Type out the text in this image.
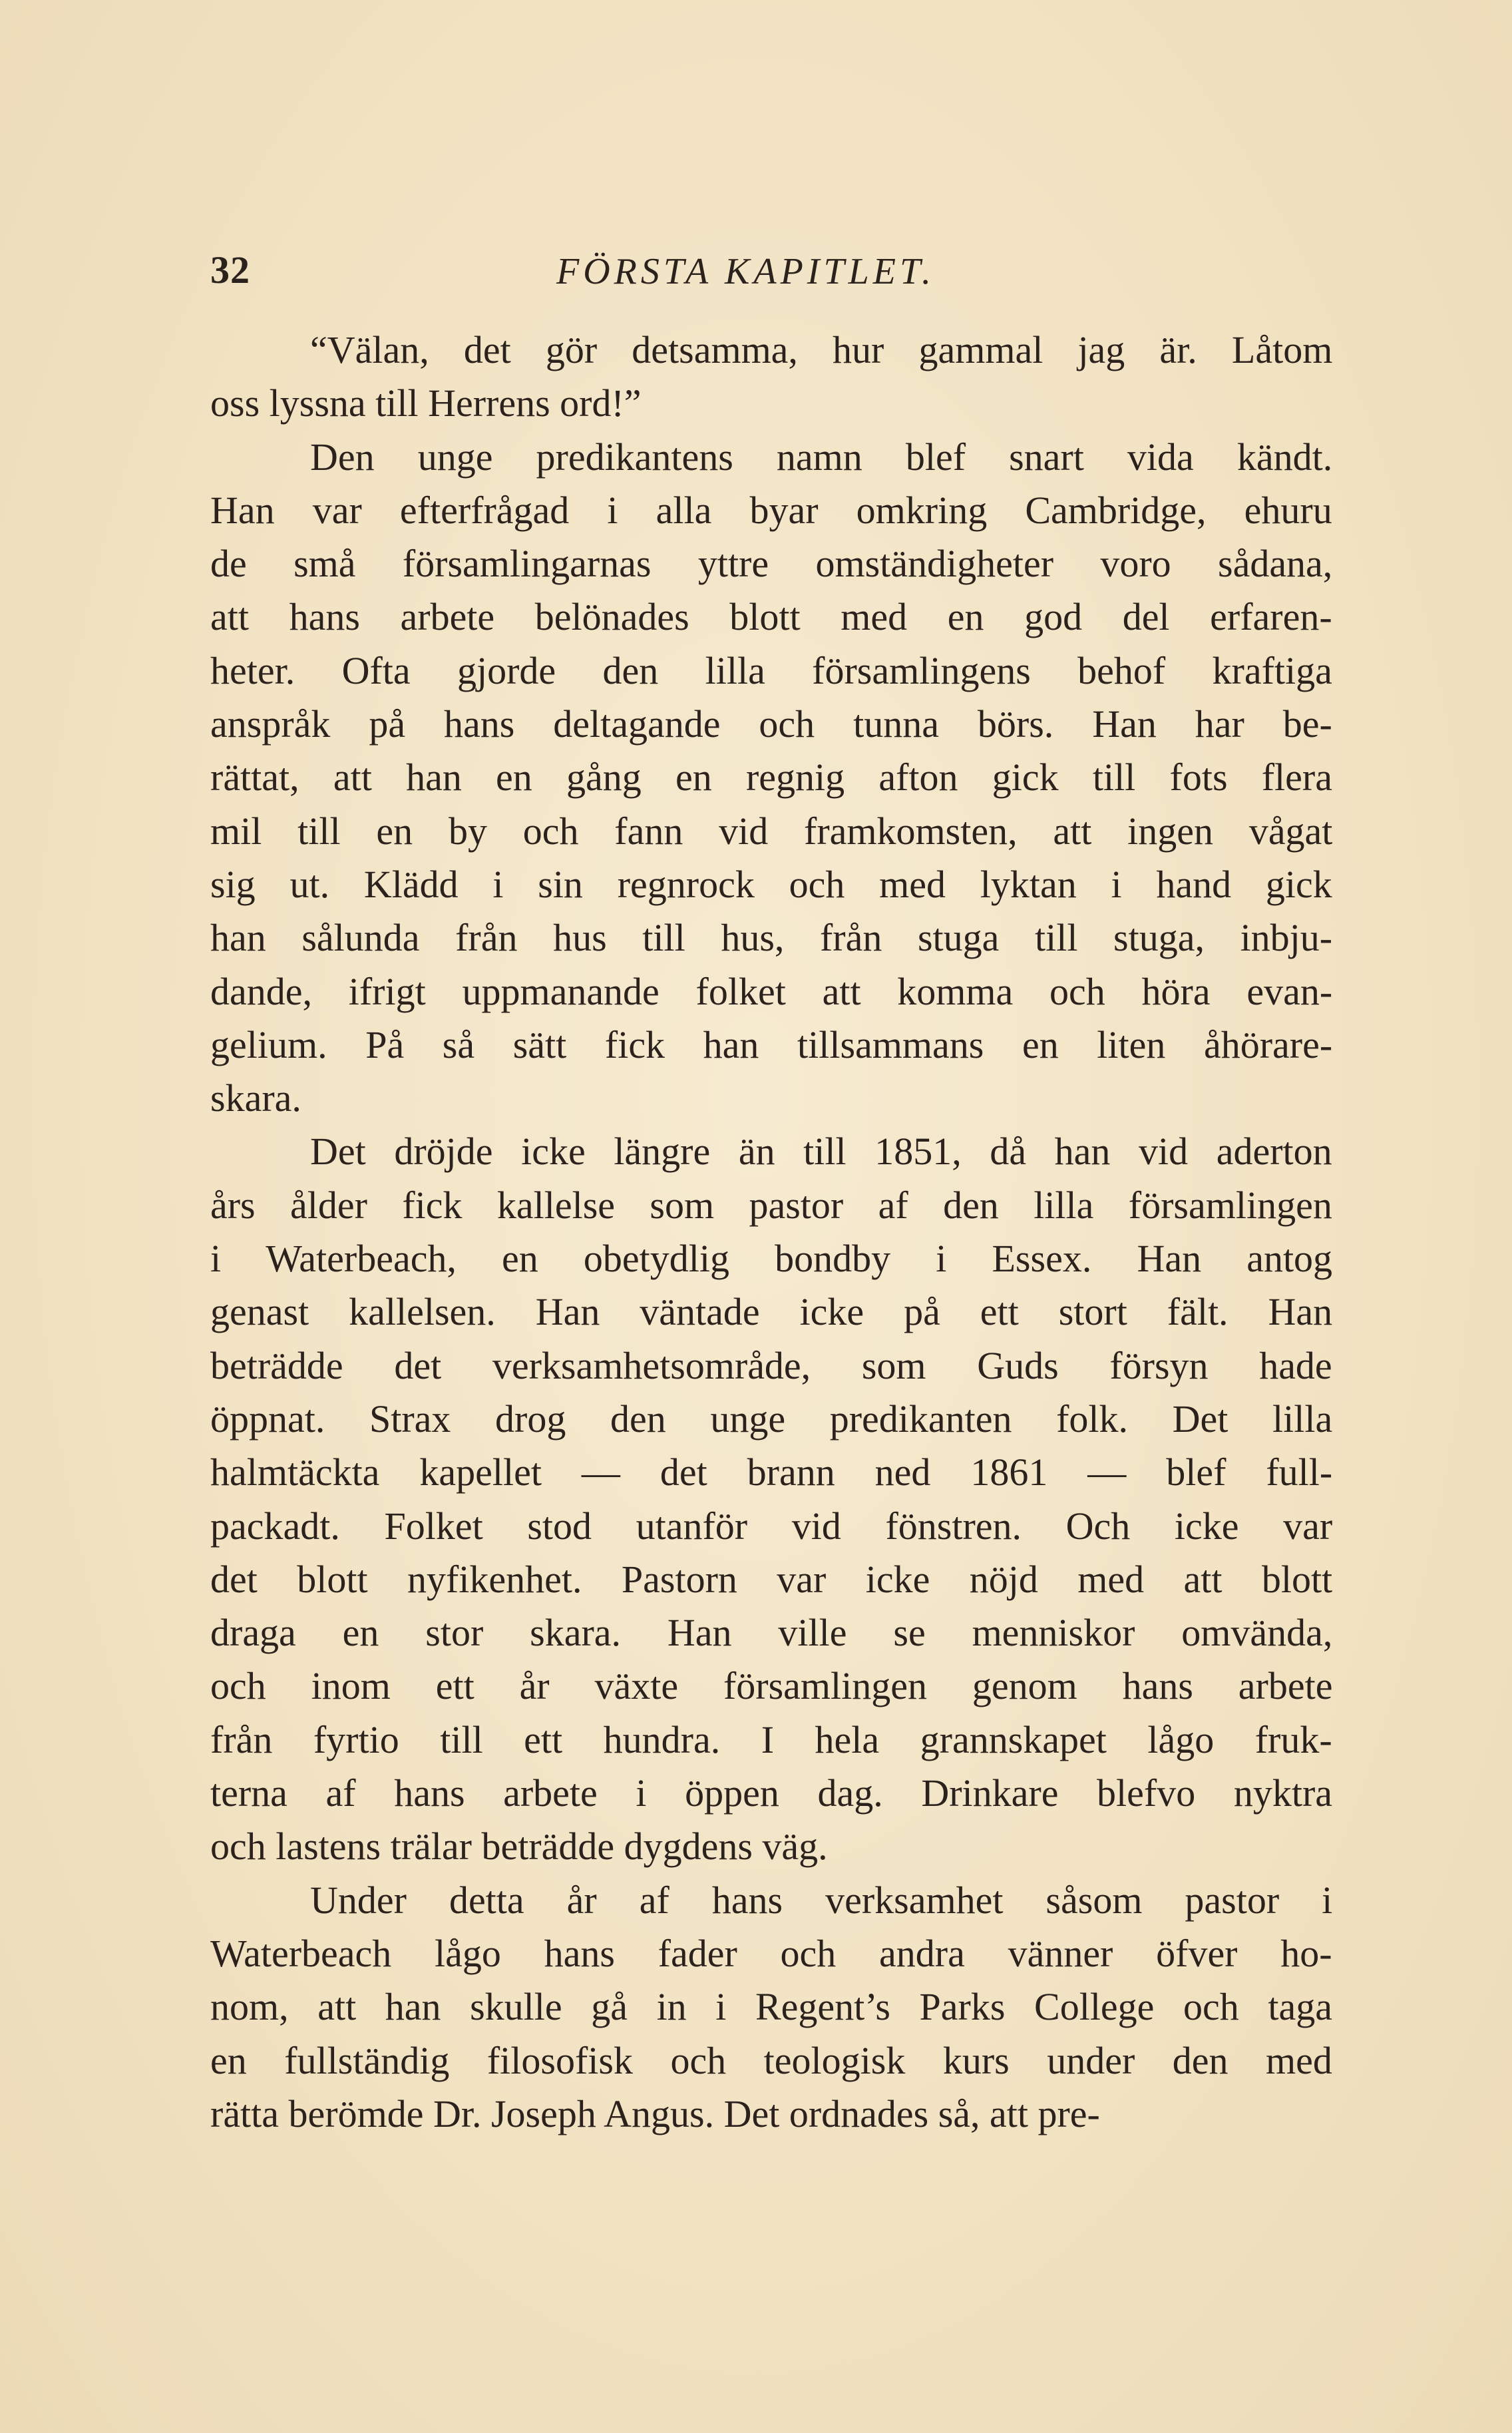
32	FÖRSTA KAPITLET.
“Välan, det gör detsamma, hur gammal jag är. Låtom
oss lyssna till Herrens ord!”
Den unge predikantens namn blef snart vida kändt.
Han var efterfrågad i alla byar omkring Cambridge, ehuru
de små församlingarnas yttre omständigheter voro sådana,
att hans arbete belönades blott med en god del erfaren-
heter. Ofta gjorde den lilla församlingens behof kraftiga
anspråk på hans deltagande och tunna börs. Han har be-
rättat, att han en gång en regnig afton gick till fots flera
mil till en by och fann vid framkomsten, att ingen vågat
sig ut. Klädd i sin regnrock och med lyktan i hand gick
han sålunda från hus till hus, från stuga till stuga, inbju-
dande, ifrigt uppmanande folket att komma och höra evan-
gelium. På så sätt fick han tillsammans en liten åhörare-
skara.
Det dröjde icke längre än till 1851, då han vid aderton
års ålder fick kallelse som pastor af den lilla församlingen
i Waterbeach, en obetydlig bondby i Essex. Han antog
genast kallelsen. Han väntade icke på ett stort fält. Han
beträdde det verksamhetsområde, som Guds försyn hade
öppnat. Strax drog den unge predikanten folk. Det lilla
halmtäckta kapellet — det brann ned 1861 — blef full-
packadt. Folket stod utanför vid fönstren. Och icke var
det blott nyfikenhet. Pastorn var icke nöjd med att blott
draga en stor skara. Han ville se menniskor omvända,
och inom ett år växte församlingen genom hans arbete
från fyrtio till ett hundra. I hela grannskapet lågo fruk-
terna af hans arbete i öppen dag. Drinkare blefvo nyktra
och lastens trälar beträdde dygdens väg.
Under detta år af hans verksamhet såsom pastor i
Waterbeach lågo hans fader och andra vänner öfver ho-
nom, att han skulle gå in i Regent’s Parks College och taga
en fullständig filosofisk och teologisk kurs under den med
rätta berömde Dr. Joseph Angus. Det ordnades så, att pre-
